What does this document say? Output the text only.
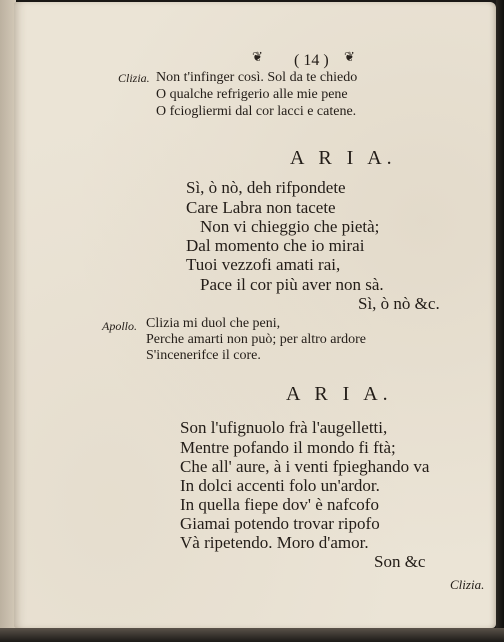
❦ ( 14 ) ❦
Clizia. Non t'infinger così. Sol da te chiedo
O qualche refrigerio alle mie pene
O fciogliermi dal cor lacci e catene.
A R I A.
Sì, ò nò, deh rifpondete
Care Labra non tacete
Non vi chieggio che pietà;
Dal momento che io mirai
Tuoi vezzofi amati rai,
Pace il cor più aver non sà.
Sì, ò nò &c.
Apollo. Clizia mi duol che peni,
Perche amarti non può; per altro ardore
S'incenerifce il core.
A R I A.
Son l'ufignuolo frà l'augelletti,
Mentre pofando il mondo fi ftà;
Che all' aure, à i venti fpieghando va
In dolci accenti folo un'ardor.
In quella fiepe dov' è nafcofo
Giamai potendo trovar ripofo
Và ripetendo. Moro d'amor.
Son &c
Clizia.
